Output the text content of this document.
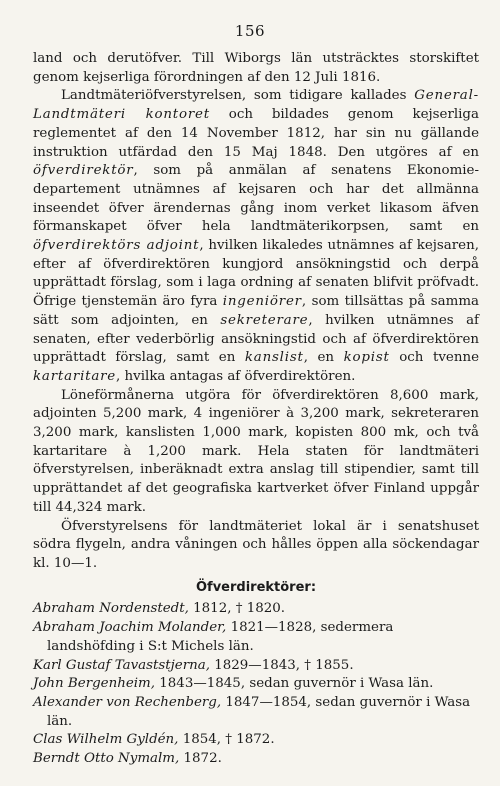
156

land och derutöfver. Till Wiborgs län utsträcktes storskiftet genom kejserliga förordningen af den 12 Juli 1816.

Landtmäteriöfverstyrelsen, som tidigare kallades General-Landtmäteri kontoret och bildades genom kejserliga reglementet af den 14 November 1812, har sin nu gällande instruktion utfärdad den 15 Maj 1848. Den utgöres af en öfverdirektör, som på anmälan af senatens Ekonomie-departement utnämnes af kejsaren och har det allmänna inseendet öfver ärendernas gång inom verket likasom äfven förmanskapet öfver hela landtmäterikorpsen, samt en öfverdirektörs adjoint, hvilken likaledes utnämnes af kejsaren, efter af öfverdirektören kungjord ansökningstid och derpå upprättadt förslag, som i laga ordning af senaten blifvit pröfvadt. Öfrige tjenstemän äro fyra ingeniörer, som tillsättas på samma sätt som adjointen, en sekreterare, hvilken utnämnes af senaten, efter vederbörlig ansökningstid och af öfverdirektören upprättadt förslag, samt en kanslist, en kopist och tvenne kartaritare, hvilka antagas af öfverdirektören.

Löneförmånerna utgöra för öfverdirektören 8,600 mark, adjointen 5,200 mark, 4 ingeniörer à 3,200 mark, sekreteraren 3,200 mark, kanslisten 1,000 mark, kopisten 800 mk, och två kartaritare à 1,200 mark. Hela staten för landtmäteri öfverstyrelsen, inberäknadt extra anslag till stipendier, samt till upprättandet af det geografiska kartverket öfver Finland uppgår till 44,324 mark.

Öfverstyrelsens för landtmäteriet lokal är i senatshuset södra flygeln, andra våningen och hålles öppen alla söckendagar kl. 10—1.

Öfverdirektörer:
Abraham Nordenstedt, 1812, † 1820.
Abraham Joachim Molander, 1821—1828, sedermera landshöfding i S:t Michels län.
Karl Gustaf Tavaststjerna, 1829—1843, † 1855.
John Bergenheim, 1843—1845, sedan guvernör i Wasa län.
Alexander von Rechenberg, 1847—1854, sedan guvernör i Wasa län.
Clas Wilhelm Gyldén, 1854, † 1872.
Berndt Otto Nymalm, 1872.
